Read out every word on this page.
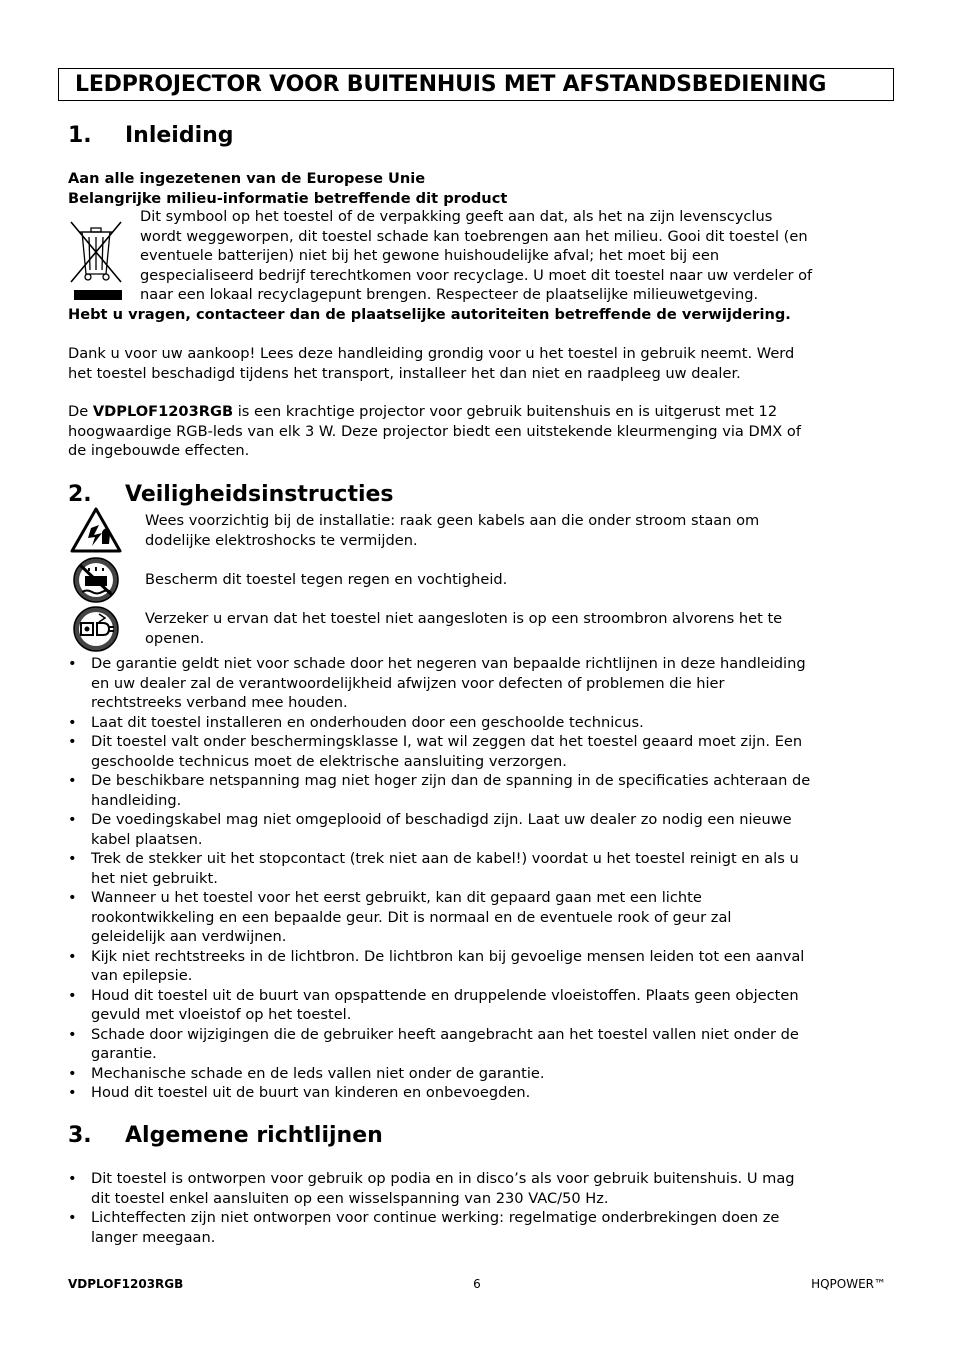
LEDPROJECTOR VOOR BUITENHUIS MET AFSTANDSBEDIENING
1. Inleiding
Aan alle ingezetenen van de Europese Unie
Belangrijke milieu-informatie betreffende dit product
Dit symbool op het toestel of de verpakking geeft aan dat, als het na zijn levenscyclus
wordt weggeworpen, dit toestel schade kan toebrengen aan het milieu. Gooi dit toestel (en
eventuele batterijen) niet bij het gewone huishoudelijke afval; het moet bij een
gespecialiseerd bedrijf terechtkomen voor recyclage. U moet dit toestel naar uw verdeler of
naar een lokaal recyclagepunt brengen. Respecteer de plaatselijke milieuwetgeving.
Hebt u vragen, contacteer dan de plaatselijke autoriteiten betreffende de verwijdering.
Dank u voor uw aankoop! Lees deze handleiding grondig voor u het toestel in gebruik neemt. Werd
het toestel beschadigd tijdens het transport, installeer het dan niet en raadpleeg uw dealer.
De VDPLOF1203RGB is een krachtige projector voor gebruik buitenshuis en is uitgerust met 12
hoogwaardige RGB-leds van elk 3 W. Deze projector biedt een uitstekende kleurmenging via DMX of
de ingebouwde effecten.
2. Veiligheidsinstructies
Wees voorzichtig bij de installatie: raak geen kabels aan die onder stroom staan om
dodelijke elektroshocks te vermijden.
Bescherm dit toestel tegen regen en vochtigheid.
Verzeker u ervan dat het toestel niet aangesloten is op een stroombron alvorens het te
openen.
• De garantie geldt niet voor schade door het negeren van bepaalde richtlijnen in deze handleiding
en uw dealer zal de verantwoordelijkheid afwijzen voor defecten of problemen die hier
rechtstreeks verband mee houden.
• Laat dit toestel installeren en onderhouden door een geschoolde technicus.
• Dit toestel valt onder beschermingsklasse I, wat wil zeggen dat het toestel geaard moet zijn. Een
geschoolde technicus moet de elektrische aansluiting verzorgen.
• De beschikbare netspanning mag niet hoger zijn dan de spanning in de specificaties achteraan de
handleiding.
• De voedingskabel mag niet omgeplooid of beschadigd zijn. Laat uw dealer zo nodig een nieuwe
kabel plaatsen.
• Trek de stekker uit het stopcontact (trek niet aan de kabel!) voordat u het toestel reinigt en als u
het niet gebruikt.
• Wanneer u het toestel voor het eerst gebruikt, kan dit gepaard gaan met een lichte
rookontwikkeling en een bepaalde geur. Dit is normaal en de eventuele rook of geur zal
geleidelijk aan verdwijnen.
• Kijk niet rechtstreeks in de lichtbron. De lichtbron kan bij gevoelige mensen leiden tot een aanval
van epilepsie.
• Houd dit toestel uit de buurt van opspattende en druppelende vloeistoffen. Plaats geen objecten
gevuld met vloeistof op het toestel.
• Schade door wijzigingen die de gebruiker heeft aangebracht aan het toestel vallen niet onder de
garantie.
• Mechanische schade en de leds vallen niet onder de garantie.
• Houd dit toestel uit de buurt van kinderen en onbevoegden.
3. Algemene richtlijnen
• Dit toestel is ontworpen voor gebruik op podia en in disco’s als voor gebruik buitenshuis. U mag
dit toestel enkel aansluiten op een wisselspanning van 230 VAC/50 Hz.
• Lichteffecten zijn niet ontworpen voor continue werking: regelmatige onderbrekingen doen ze
langer meegaan.
VDPLOF1203RGB	6	HQPOWER™
